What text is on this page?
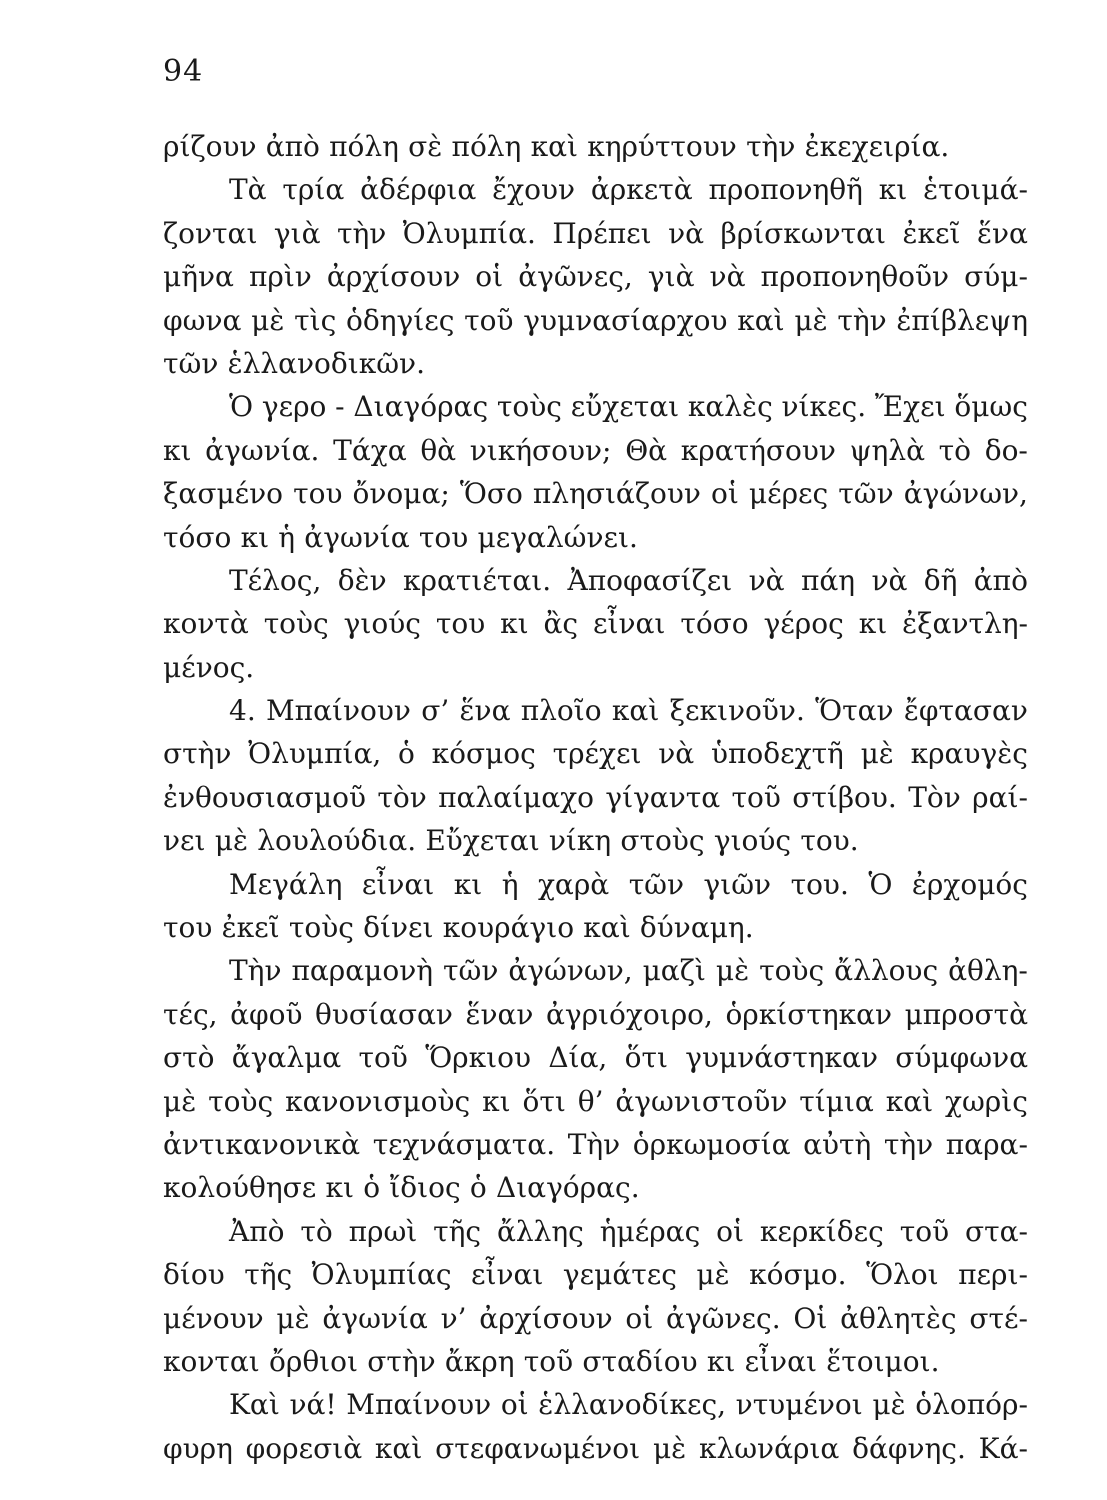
94
ρίζουν ἀπὸ πόλη σὲ πόλη καὶ κηρύττουν τὴν ἐκεχειρία.
Τὰ τρία ἀδέρφια ἔχουν ἀρκετὰ προπονηθῆ κι ἑτοιμά-
ζονται γιὰ τὴν Ὀλυμπία. Πρέπει νὰ βρίσκωνται ἐκεῖ ἕνα
μῆνα πρὶν ἀρχίσουν οἱ ἀγῶνες, γιὰ νὰ προπονηθοῦν σύμ-
φωνα μὲ τὶς ὁδηγίες τοῦ γυμνασίαρχου καὶ μὲ τὴν ἐπίβλεψη
τῶν ἑλλανοδικῶν.
Ὁ γερο - Διαγόρας τοὺς εὔχεται καλὲς νίκες. Ἔχει ὅμως
κι ἀγωνία. Τάχα θὰ νικήσουν; Θὰ κρατήσουν ψηλὰ τὸ δο-
ξασμένο του ὄνομα; Ὅσο πλησιάζουν οἱ μέρες τῶν ἀγώνων,
τόσο κι ἡ ἀγωνία του μεγαλώνει.
Τέλος, δὲν κρατιέται. Ἀποφασίζει νὰ πάη νὰ δῆ ἀπὸ
κοντὰ τοὺς γιούς του κι ἂς εἶναι τόσο γέρος κι ἐξαντλη-
μένος.
4. Μπαίνουν σ’ ἕνα πλοῖο καὶ ξεκινοῦν. Ὅταν ἔφτασαν
στὴν Ὀλυμπία, ὁ κόσμος τρέχει νὰ ὑποδεχτῆ μὲ κραυγὲς
ἐνθουσιασμοῦ τὸν παλαίμαχο γίγαντα τοῦ στίβου. Τὸν ραί-
νει μὲ λουλούδια. Εὔχεται νίκη στοὺς γιούς του.
Μεγάλη εἶναι κι ἡ χαρὰ τῶν γιῶν του. Ὁ ἐρχομός
του ἐκεῖ τοὺς δίνει κουράγιο καὶ δύναμη.
Τὴν παραμονὴ τῶν ἀγώνων, μαζὶ μὲ τοὺς ἄλλους ἀθλη-
τές, ἀφοῦ θυσίασαν ἕναν ἀγριόχοιρο, ὁρκίστηκαν μπροστὰ
στὸ ἄγαλμα τοῦ Ὅρκιου Δία, ὅτι γυμνάστηκαν σύμφωνα
μὲ τοὺς κανονισμοὺς κι ὅτι θ’ ἀγωνιστοῦν τίμια καὶ χωρὶς
ἀντικανονικὰ τεχνάσματα. Τὴν ὁρκωμοσία αὐτὴ τὴν παρα-
κολούθησε κι ὁ ἴδιος ὁ Διαγόρας.
Ἀπὸ τὸ πρωὶ τῆς ἄλλης ἡμέρας οἱ κερκίδες τοῦ στα-
δίου τῆς Ὀλυμπίας εἶναι γεμάτες μὲ κόσμο. Ὅλοι περι-
μένουν μὲ ἀγωνία ν’ ἀρχίσουν οἱ ἀγῶνες. Οἱ ἀθλητὲς στέ-
κονται ὄρθιοι στὴν ἄκρη τοῦ σταδίου κι εἶναι ἕτοιμοι.
Καὶ νά! Μπαίνουν οἱ ἑλλανοδίκες, ντυμένοι μὲ ὁλοπόρ-
φυρη φορεσιὰ καὶ στεφανωμένοι μὲ κλωνάρια δάφνης. Κά-
